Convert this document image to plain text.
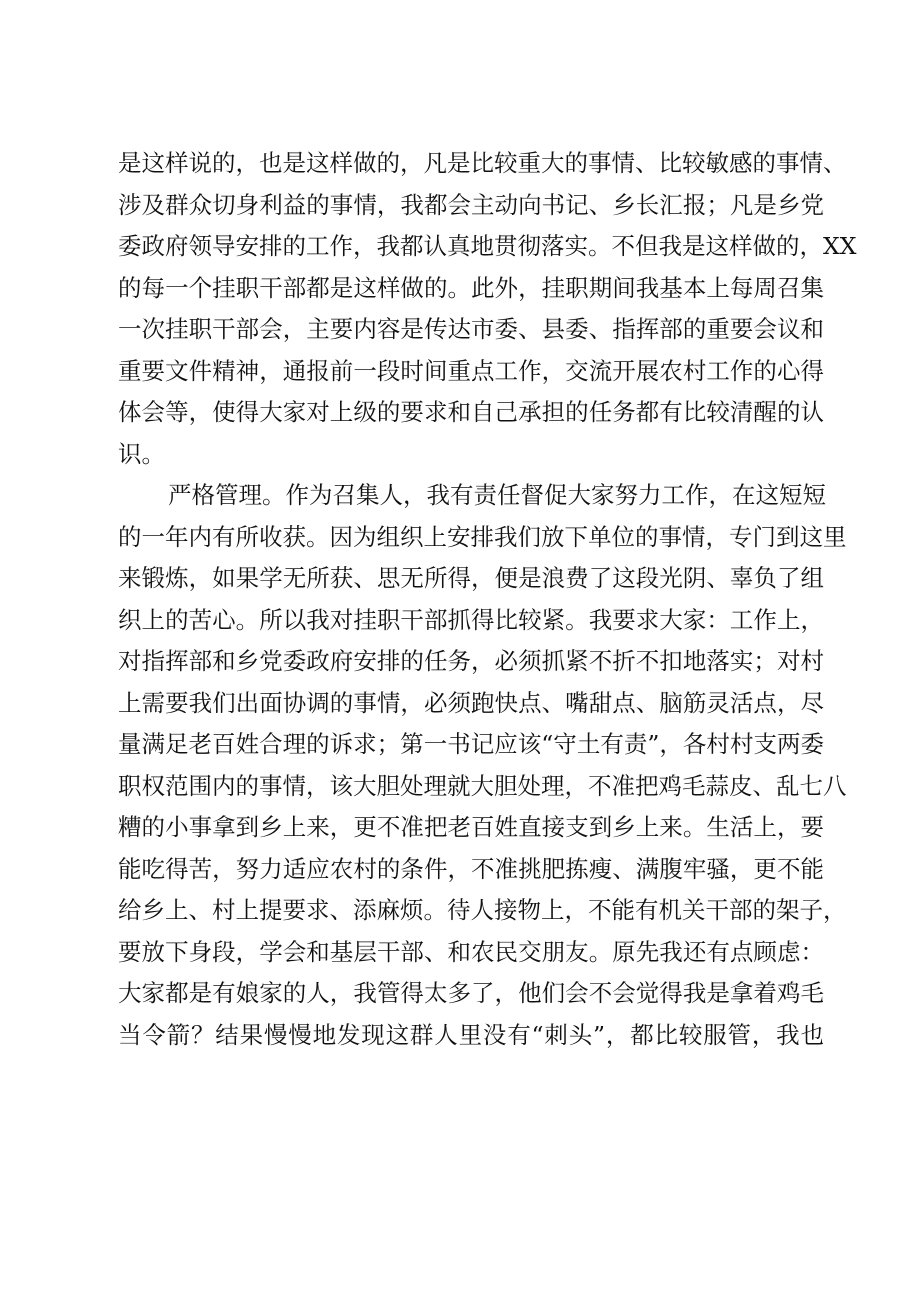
是这样说的，也是这样做的，凡是比较重大的事情、比较敏感的事情、
涉及群众切身利益的事情，我都会主动向书记、乡长汇报；凡是乡党
委政府领导安排的工作，我都认真地贯彻落实。不但我是这样做的，XX
的每一个挂职干部都是这样做的。此外，挂职期间我基本上每周召集
一次挂职干部会，主要内容是传达市委、县委、指挥部的重要会议和
重要文件精神，通报前一段时间重点工作，交流开展农村工作的心得
体会等，使得大家对上级的要求和自己承担的任务都有比较清醒的认
识。
严格管理。作为召集人，我有责任督促大家努力工作，在这短短
的一年内有所收获。因为组织上安排我们放下单位的事情，专门到这里
来锻炼，如果学无所获、思无所得，便是浪费了这段光阴、辜负了组
织上的苦心。所以我对挂职干部抓得比较紧。我要求大家：工作上，
对指挥部和乡党委政府安排的任务，必须抓紧不折不扣地落实；对村
上需要我们出面协调的事情，必须跑快点、嘴甜点、脑筋灵活点，尽
量满足老百姓合理的诉求；第一书记应该“守土有责”，各村村支两委
职权范围内的事情，该大胆处理就大胆处理，不准把鸡毛蒜皮、乱七八
糟的小事拿到乡上来，更不准把老百姓直接支到乡上来。生活上，要
能吃得苦，努力适应农村的条件，不准挑肥拣瘦、满腹牢骚，更不能
给乡上、村上提要求、添麻烦。待人接物上，不能有机关干部的架子，
要放下身段，学会和基层干部、和农民交朋友。原先我还有点顾虑：
大家都是有娘家的人，我管得太多了，他们会不会觉得我是拿着鸡毛
当令箭？结果慢慢地发现这群人里没有“刺头”，都比较服管，我也
